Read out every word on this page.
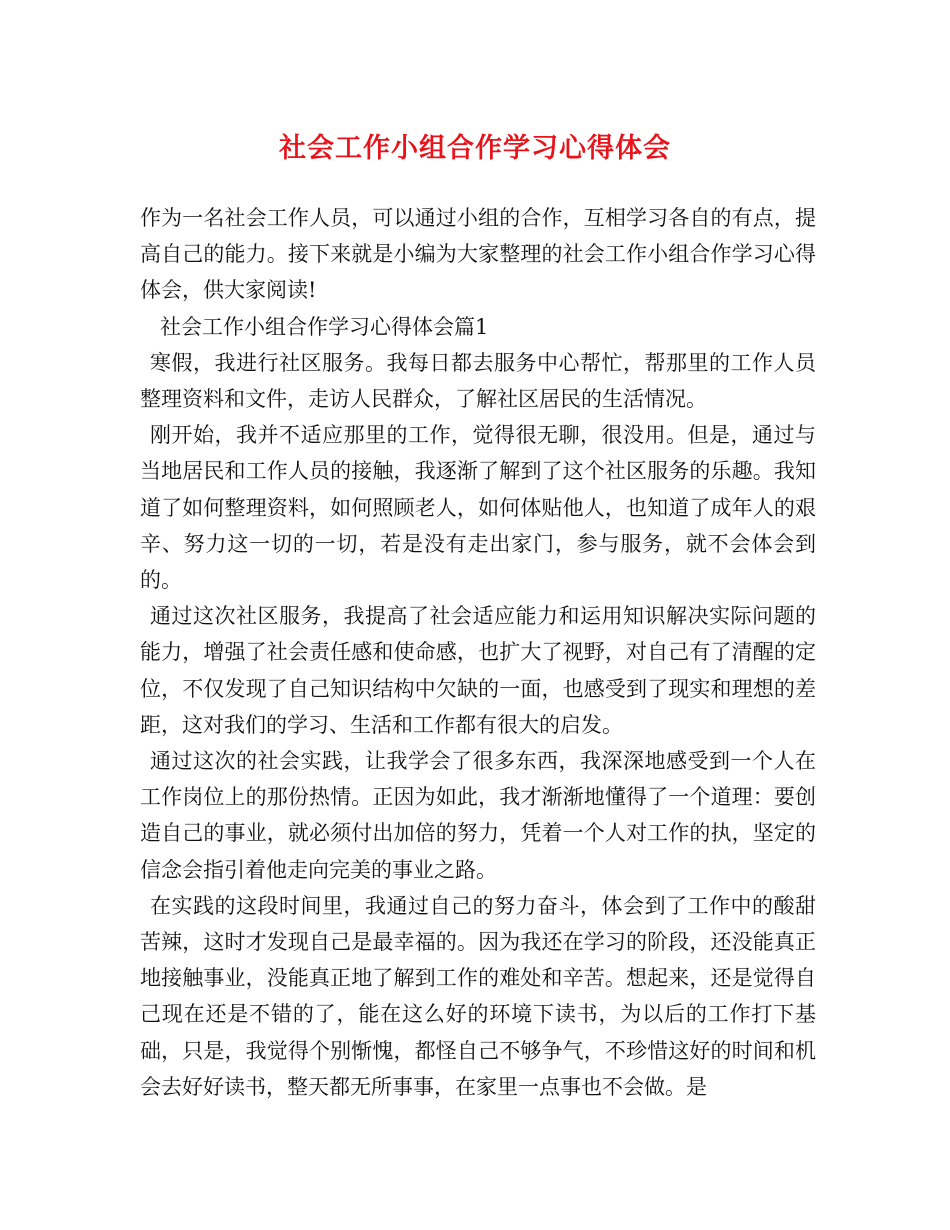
社会工作小组合作学习心得体会

作为一名社会工作人员，可以通过小组的合作，互相学习各自的有点，提高自己的能力。接下来就是小编为大家整理的社会工作小组合作学习心得体会，供大家阅读!

社会工作小组合作学习心得体会篇1

寒假，我进行社区服务。我每日都去服务中心帮忙，帮那里的工作人员整理资料和文件，走访人民群众，了解社区居民的生活情况。

刚开始，我并不适应那里的工作，觉得很无聊，很没用。但是，通过与当地居民和工作人员的接触，我逐渐了解到了这个社区服务的乐趣。我知道了如何整理资料，如何照顾老人，如何体贴他人，也知道了成年人的艰辛、努力这一切的一切，若是没有走出家门，参与服务，就不会体会到的。

通过这次社区服务，我提高了社会适应能力和运用知识解决实际问题的能力，增强了社会责任感和使命感，也扩大了视野，对自己有了清醒的定位，不仅发现了自己知识结构中欠缺的一面，也感受到了现实和理想的差距，这对我们的学习、生活和工作都有很大的启发。

通过这次的社会实践，让我学会了很多东西，我深深地感受到一个人在工作岗位上的那份热情。正因为如此，我才渐渐地懂得了一个道理：要创造自己的事业，就必须付出加倍的努力，凭着一个人对工作的执，坚定的信念会指引着他走向完美的事业之路。

在实践的这段时间里，我通过自己的努力奋斗，体会到了工作中的酸甜苦辣，这时才发现自己是最幸福的。因为我还在学习的阶段，还没能真正地接触事业，没能真正地了解到工作的难处和辛苦。想起来，还是觉得自己现在还是不错的了，能在这么好的环境下读书，为以后的工作打下基础，只是，我觉得个别惭愧，都怪自己不够争气，不珍惜这好的时间和机会去好好读书，整天都无所事事，在家里一点事也不会做。是
